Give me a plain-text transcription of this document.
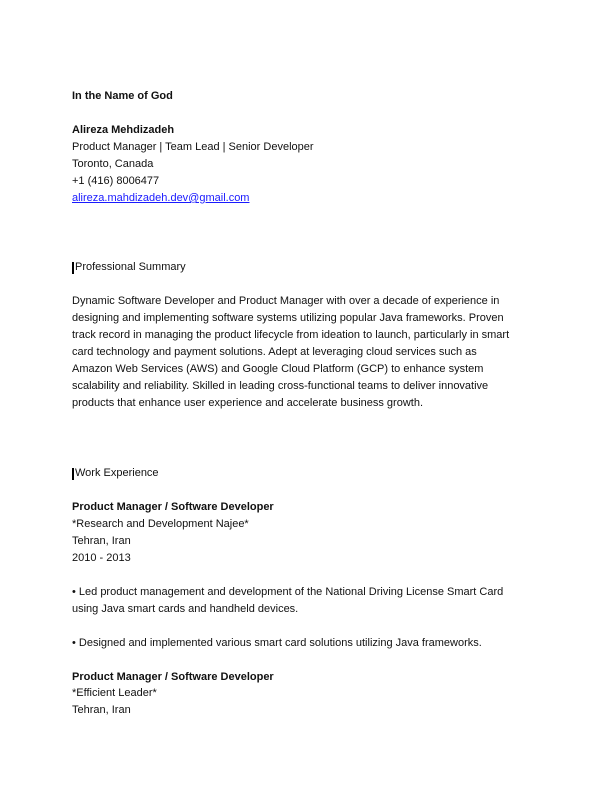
In the Name of God
Alireza Mehdizadeh
Product Manager | Team Lead | Senior Developer
Toronto, Canada
+1 (416) 8006477
alireza.mahdizadeh.dev@gmail.com
Professional Summary
Dynamic Software Developer and Product Manager with over a decade of experience in
designing and implementing software systems utilizing popular Java frameworks. Proven
track record in managing the product lifecycle from ideation to launch, particularly in smart
card technology and payment solutions. Adept at leveraging cloud services such as
Amazon Web Services (AWS) and Google Cloud Platform (GCP) to enhance system
scalability and reliability. Skilled in leading cross-functional teams to deliver innovative
products that enhance user experience and accelerate business growth.
Work Experience
Product Manager / Software Developer
*Research and Development Najee*
Tehran, Iran
2010 - 2013
• Led product management and development of the National Driving License Smart Card
using Java smart cards and handheld devices.
• Designed and implemented various smart card solutions utilizing Java frameworks.
Product Manager / Software Developer
*Efficient Leader*
Tehran, Iran
